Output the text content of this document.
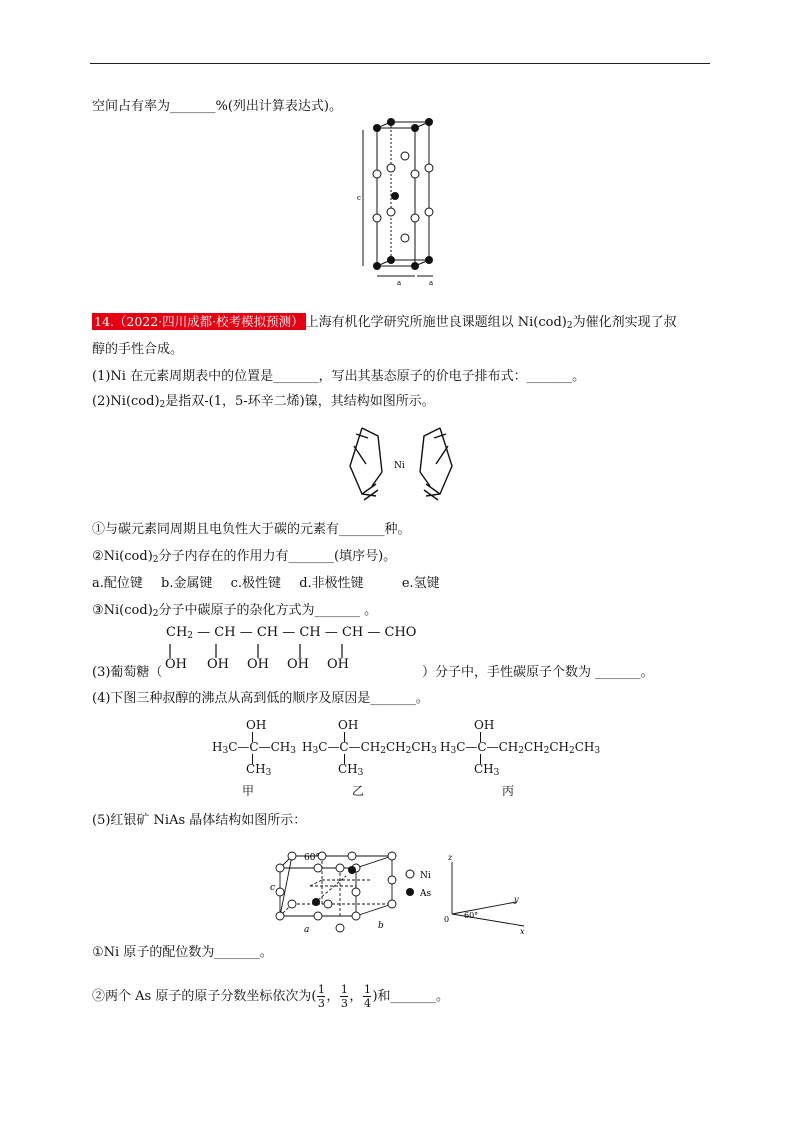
空间占有率为_______%(列出计算表达式)。
c
a	a
14.（2022·四川成都·校考模拟预测） 上海有机化学研究所施世良课题组以 $Ni(cod)_2$为催化剂实现了叔
醇的手性合成。
(1)Ni 在元素周期表中的位置是_______，写出其基态原子的价电子排布式：_______。
$(2)Ni(cod)_2$是指双-(1，5-环辛二烯)镍，其结构如图所示。
Ni
①与碳元素同周期且电负性大于碳的元素有_______种。
$②Ni(cod)_2$分子内存在的作用力有_______(填序号)。
a.配位键 b.金属键 c.极性键 d.非极性键	e.氢键
$③Ni(cod)_2$分子中碳原子的杂化方式为_______ 。
$CH_2$ — CH — CH — CH — CH — CHO
OH OH OH OH OH
(3)葡萄糖（	）分子中，手性碳原子个数为 _______。
(4)下图三种叔醇的沸点从高到低的顺序及原因是_______。
OH
$H_3C—C—CH_3$
$CH_3$
甲
OH
$H_3C—C—CH_2CH_2CH_3$
$CH_3$
乙
OH
$H_3C—C—CH_2CH_2CH_2CH_3$
$CH_3$
丙
(5)红银矿 NiAs 晶体结构如图所示：
60°
c
a	b
Ni
As
z
y
x
0 60°
①Ni 原子的配位数为_______。
②两个 As 原子的原子分数坐标依次为( $\frac{1}{3}$ ， $\frac{1}{3}$ ， $\frac{1}{4}$ )和_______。
